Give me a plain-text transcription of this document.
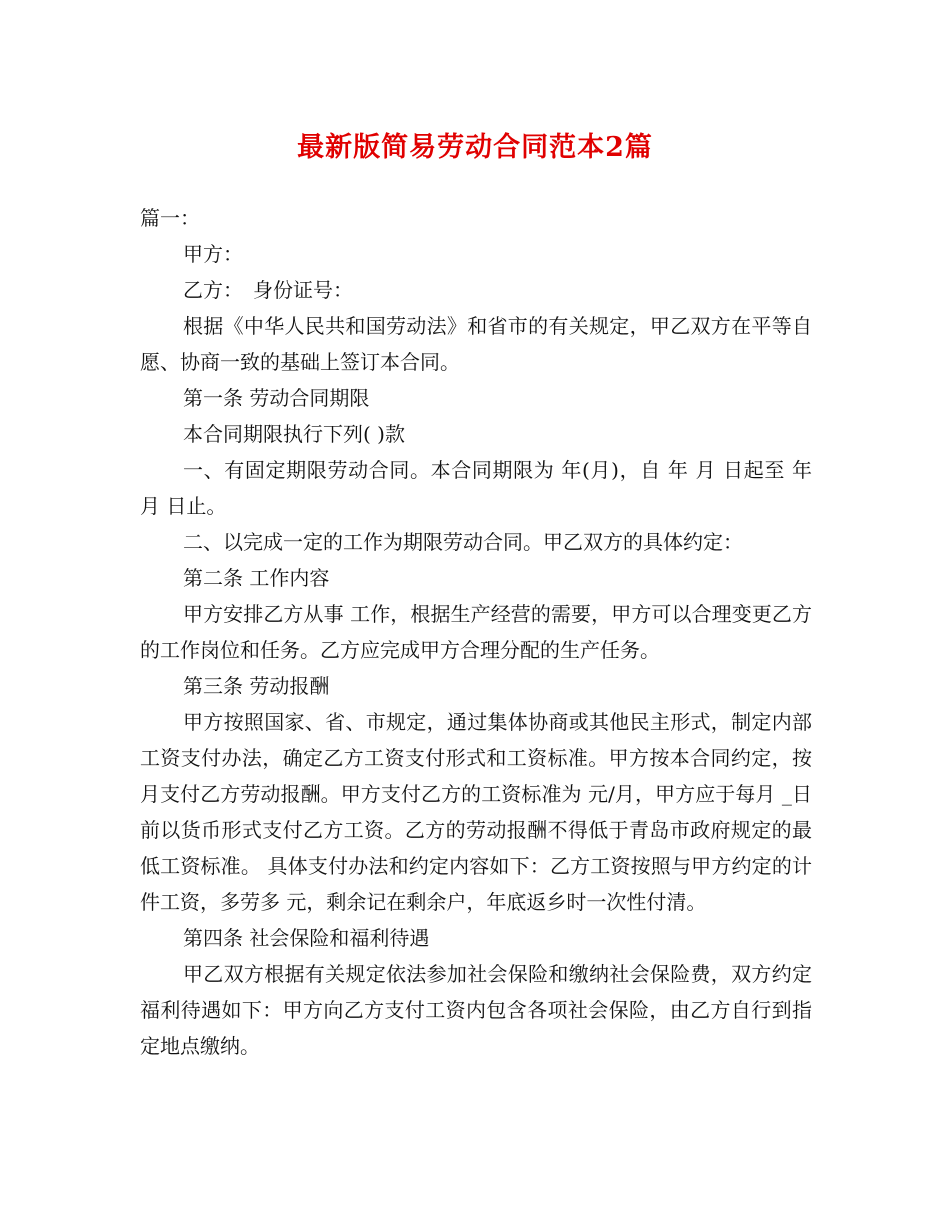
最新版简易劳动合同范本2篇

篇一：

甲方：

乙方：　身份证号：

根据《中华人民共和国劳动法》和省市的有关规定，甲乙双方在平等自愿、协商一致的基础上签订本合同。

第一条 劳动合同期限

本合同期限执行下列( )款

一、有固定期限劳动合同。本合同期限为 年(月)，自 年 月 日起至 年 月 日止。

二、以完成一定的工作为期限劳动合同。甲乙双方的具体约定：

第二条 工作内容

甲方安排乙方从事 工作，根据生产经营的需要，甲方可以合理变更乙方的工作岗位和任务。乙方应完成甲方合理分配的生产任务。

第三条 劳动报酬

甲方按照国家、省、市规定，通过集体协商或其他民主形式，制定内部工资支付办法，确定乙方工资支付形式和工资标准。甲方按本合同约定，按月支付乙方劳动报酬。甲方支付乙方的工资标准为 元/月，甲方应于每月 _日前以货币形式支付乙方工资。乙方的劳动报酬不得低于青岛市政府规定的最低工资标准。 具体支付办法和约定内容如下：乙方工资按照与甲方约定的计件工资，多劳多 元，剩余记在剩余户，年底返乡时一次性付清。

第四条 社会保险和福利待遇

甲乙双方根据有关规定依法参加社会保险和缴纳社会保险费，双方约定福利待遇如下：甲方向乙方支付工资内包含各项社会保险，由乙方自行到指定地点缴纳。
